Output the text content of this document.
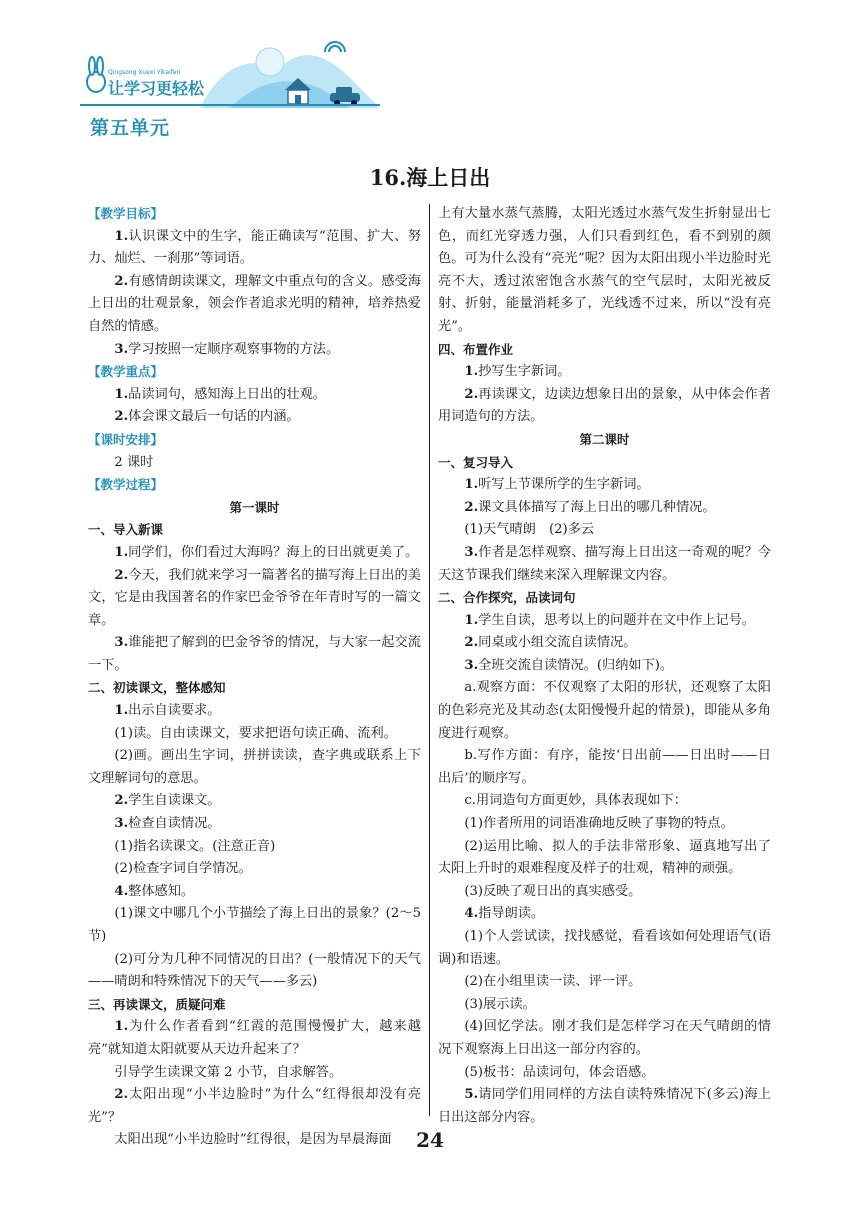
Qingsong Xuexi Yikaifen
让学习更轻松
第五单元
16.海上日出

【教学目标】

1.认识课文中的生字，能正确读写“范围、扩大、努力、灿烂、一刹那”等词语。

2.有感情朗读课文，理解文中重点句的含义。感受海上日出的壮观景象，领会作者追求光明的精神，培养热爱自然的情感。

3.学习按照一定顺序观察事物的方法。

【教学重点】

1.品读词句，感知海上日出的壮观。

2.体会课文最后一句话的内涵。

【课时安排】

2 课时

【教学过程】

第一课时

一、导入新课

1.同学们，你们看过大海吗？海上的日出就更美了。

2.今天，我们就来学习一篇著名的描写海上日出的美文，它是由我国著名的作家巴金爷爷在年青时写的一篇文章。

3.谁能把了解到的巴金爷爷的情况，与大家一起交流一下。

二、初读课文，整体感知

1.出示自读要求。

(1)读。自由读课文，要求把语句读正确、流利。

(2)画。画出生字词，拼拼读读，查字典或联系上下文理解词句的意思。

2.学生自读课文。

3.检查自读情况。

(1)指名读课文。(注意正音)

(2)检查字词自学情况。

4.整体感知。

(1)课文中哪几个小节描绘了海上日出的景象？(2～5 节)

(2)可分为几种不同情况的日出？(一般情况下的天气——晴朗和特殊情况下的天气——多云)

三、再读课文，质疑问难

1.为什么作者看到“红霞的范围慢慢扩大，越来越亮”就知道太阳就要从天边升起来了？

引导学生读课文第 2 小节，自求解答。

2.太阳出现“小半边脸时”为什么“红得很却没有亮光”？

太阳出现“小半边脸时”红得很，是因为早晨海面

上有大量水蒸气蒸腾，太阳光透过水蒸气发生折射显出七色，而红光穿透力强，人们只看到红色，看不到别的颜色。可为什么没有“亮光”呢？因为太阳出现小半边脸时光亮不大，透过浓密饱含水蒸气的空气层时，太阳光被反射、折射，能量消耗多了，光线透不过来，所以“没有亮光”。

四、布置作业

1.抄写生字新词。

2.再读课文，边读边想象日出的景象，从中体会作者用词造句的方法。

第二课时

一、复习导入

1.听写上节课所学的生字新词。

2.课文具体描写了海上日出的哪几种情况。

(1)天气晴朗　(2)多云

3.作者是怎样观察、描写海上日出这一奇观的呢？今天这节课我们继续来深入理解课文内容。

二、合作探究，品读词句

1.学生自读，思考以上的问题并在文中作上记号。

2.同桌或小组交流自读情况。

3.全班交流自读情况。(归纳如下)。

a.观察方面：不仅观察了太阳的形状，还观察了太阳的色彩亮光及其动态(太阳慢慢升起的情景)，即能从多角度进行观察。

b.写作方面：有序，能按‘日出前——日出时——日出后’的顺序写。

c.用词造句方面更妙，具体表现如下：

(1)作者所用的词语准确地反映了事物的特点。

(2)运用比喻、拟人的手法非常形象、逼真地写出了太阳上升时的艰难程度及样子的壮观，精神的顽强。

(3)反映了观日出的真实感受。

4.指导朗读。

(1)个人尝试读，找找感觉，看看该如何处理语气(语调)和语速。

(2)在小组里读一读、评一评。

(3)展示读。

(4)回忆学法。刚才我们是怎样学习在天气晴朗的情况下观察海上日出这一部分内容的。

(5)板书：品读词句，体会语感。

5.请同学们用同样的方法自读特殊情况下(多云)海上日出这部分内容。

24
